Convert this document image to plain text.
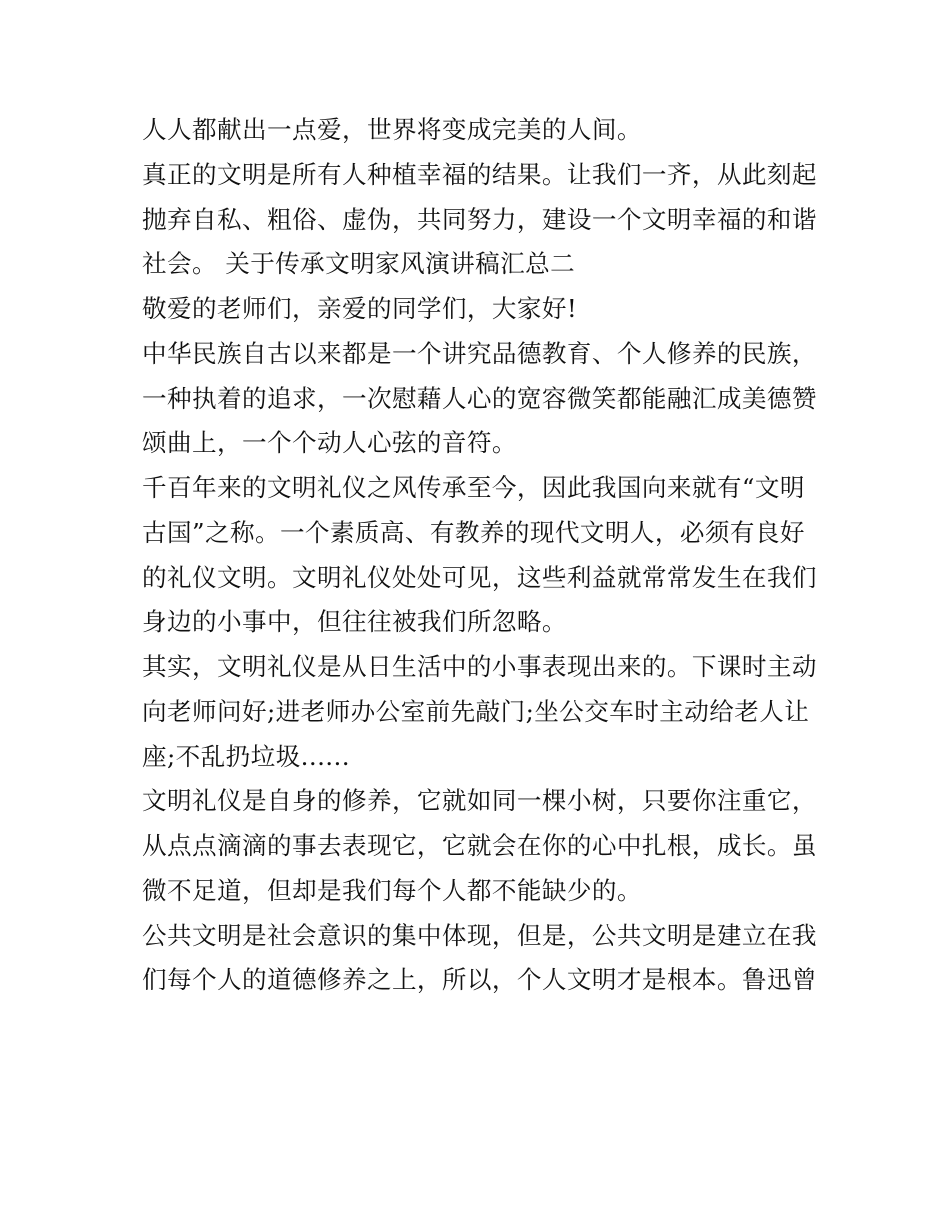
人人都献出一点爱，世界将变成完美的人间。
真正的文明是所有人种植幸福的结果。让我们一齐，从此刻起
抛弃自私、粗俗、虚伪，共同努力，建设一个文明幸福的和谐
社会。 关于传承文明家风演讲稿汇总二
敬爱的老师们，亲爱的同学们，大家好!
中华民族自古以来都是一个讲究品德教育、个人修养的民族，
一种执着的追求，一次慰藉人心的宽容微笑都能融汇成美德赞
颂曲上，一个个动人心弦的音符。
千百年来的文明礼仪之风传承至今，因此我国向来就有“文明
古国”之称。一个素质高、有教养的现代文明人，必须有良好
的礼仪文明。文明礼仪处处可见，这些利益就常常发生在我们
身边的小事中，但往往被我们所忽略。
其实，文明礼仪是从日生活中的小事表现出来的。下课时主动
向老师问好;进老师办公室前先敲门;坐公交车时主动给老人让
座;不乱扔垃圾......
文明礼仪是自身的修养，它就如同一棵小树，只要你注重它，
从点点滴滴的事去表现它，它就会在你的心中扎根，成长。虽
微不足道，但却是我们每个人都不能缺少的。
公共文明是社会意识的集中体现，但是，公共文明是建立在我
们每个人的道德修养之上，所以，个人文明才是根本。鲁迅曾
